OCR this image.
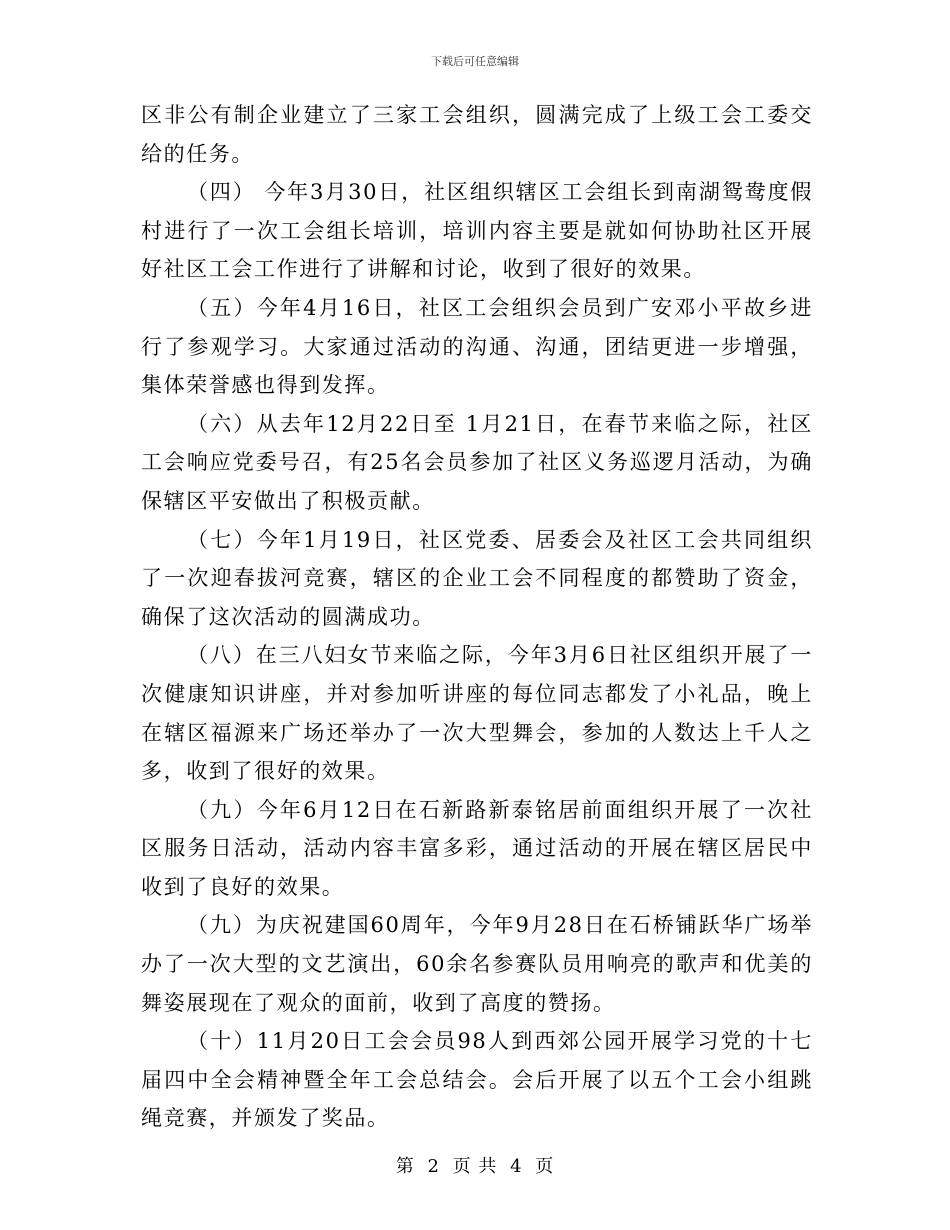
下载后可任意编辑

区非公有制企业建立了三家工会组织，圆满完成了上级工会工委交给的任务。

（四） 今年3月30日，社区组织辖区工会组长到南湖鸳鸯度假村进行了一次工会组长培训，培训内容主要是就如何协助社区开展好社区工会工作进行了讲解和讨论，收到了很好的效果。

（五）今年4月16日，社区工会组织会员到广安邓小平故乡进行了参观学习。大家通过活动的沟通、沟通，团结更进一步增强，集体荣誉感也得到发挥。

（六）从去年12月22日至 1月21日，在春节来临之际，社区工会响应党委号召，有25名会员参加了社区义务巡逻月活动，为确保辖区平安做出了积极贡献。

（七）今年1月19日，社区党委、居委会及社区工会共同组织了一次迎春拔河竞赛，辖区的企业工会不同程度的都赞助了资金，确保了这次活动的圆满成功。

（八）在三八妇女节来临之际，今年3月6日社区组织开展了一次健康知识讲座，并对参加听讲座的每位同志都发了小礼品，晚上在辖区福源来广场还举办了一次大型舞会，参加的人数达上千人之多，收到了很好的效果。

（九）今年6月12日在石新路新泰铭居前面组织开展了一次社区服务日活动，活动内容丰富多彩，通过活动的开展在辖区居民中收到了良好的效果。

（九）为庆祝建国60周年，今年9月28日在石桥铺跃华广场举办了一次大型的文艺演出，60余名参赛队员用响亮的歌声和优美的舞姿展现在了观众的面前，收到了高度的赞扬。

（十）11月20日工会会员98人到西郊公园开展学习党的十七届四中全会精神暨全年工会总结会。会后开展了以五个工会小组跳绳竞赛，并颁发了奖品。

第 2 页 共 4 页
